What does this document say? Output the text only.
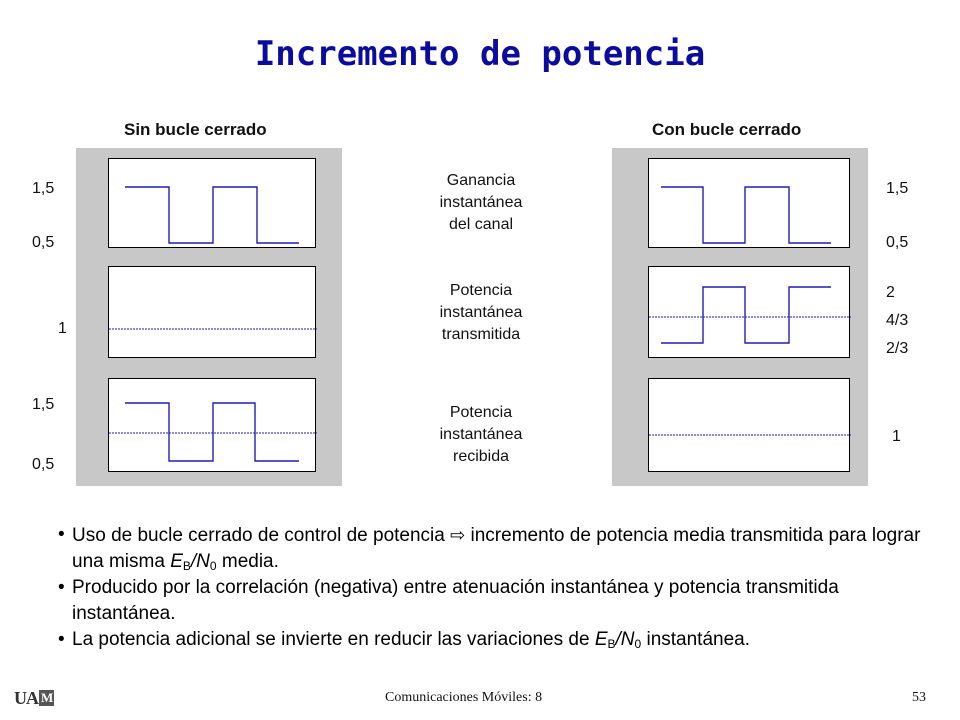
Incremento de potencia
Sin bucle cerrado	Con bucle cerrado
1,5
0,5
1
1,5
0,5
1,5
0,5
2
4/3
2/3
1
Ganancia
instantánea
del canal
Potencia
instantánea
transmitida
Potencia
instantánea
recibida
• Uso de bucle cerrado de control de potencia ⇨ incremento de potencia media transmitida para lograr una misma $E_B/N_0$ media.
• Producido por la correlación (negativa) entre atenuación instantánea y potencia transmitida instantánea.
• La potencia adicional se invierte en reducir las variaciones de $E_B/N_0$ instantánea.
UA M	Comunicaciones Móviles: 8	53
